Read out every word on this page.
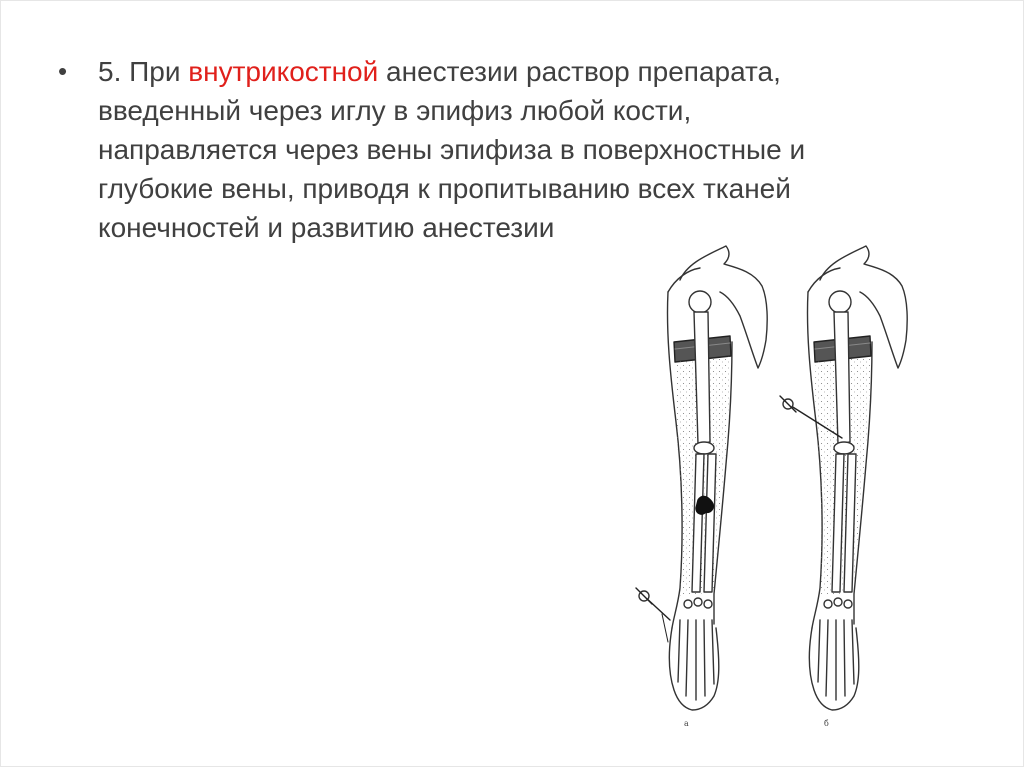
• 5. При внутрикостной анестезии раствор препарата,
введенный через иглу в эпифиз любой кости,
направляется через вены эпифиза в поверхностные и
глубокие вены, приводя к пропитыванию всех тканей
конечностей и развитию анестезии
а	б
